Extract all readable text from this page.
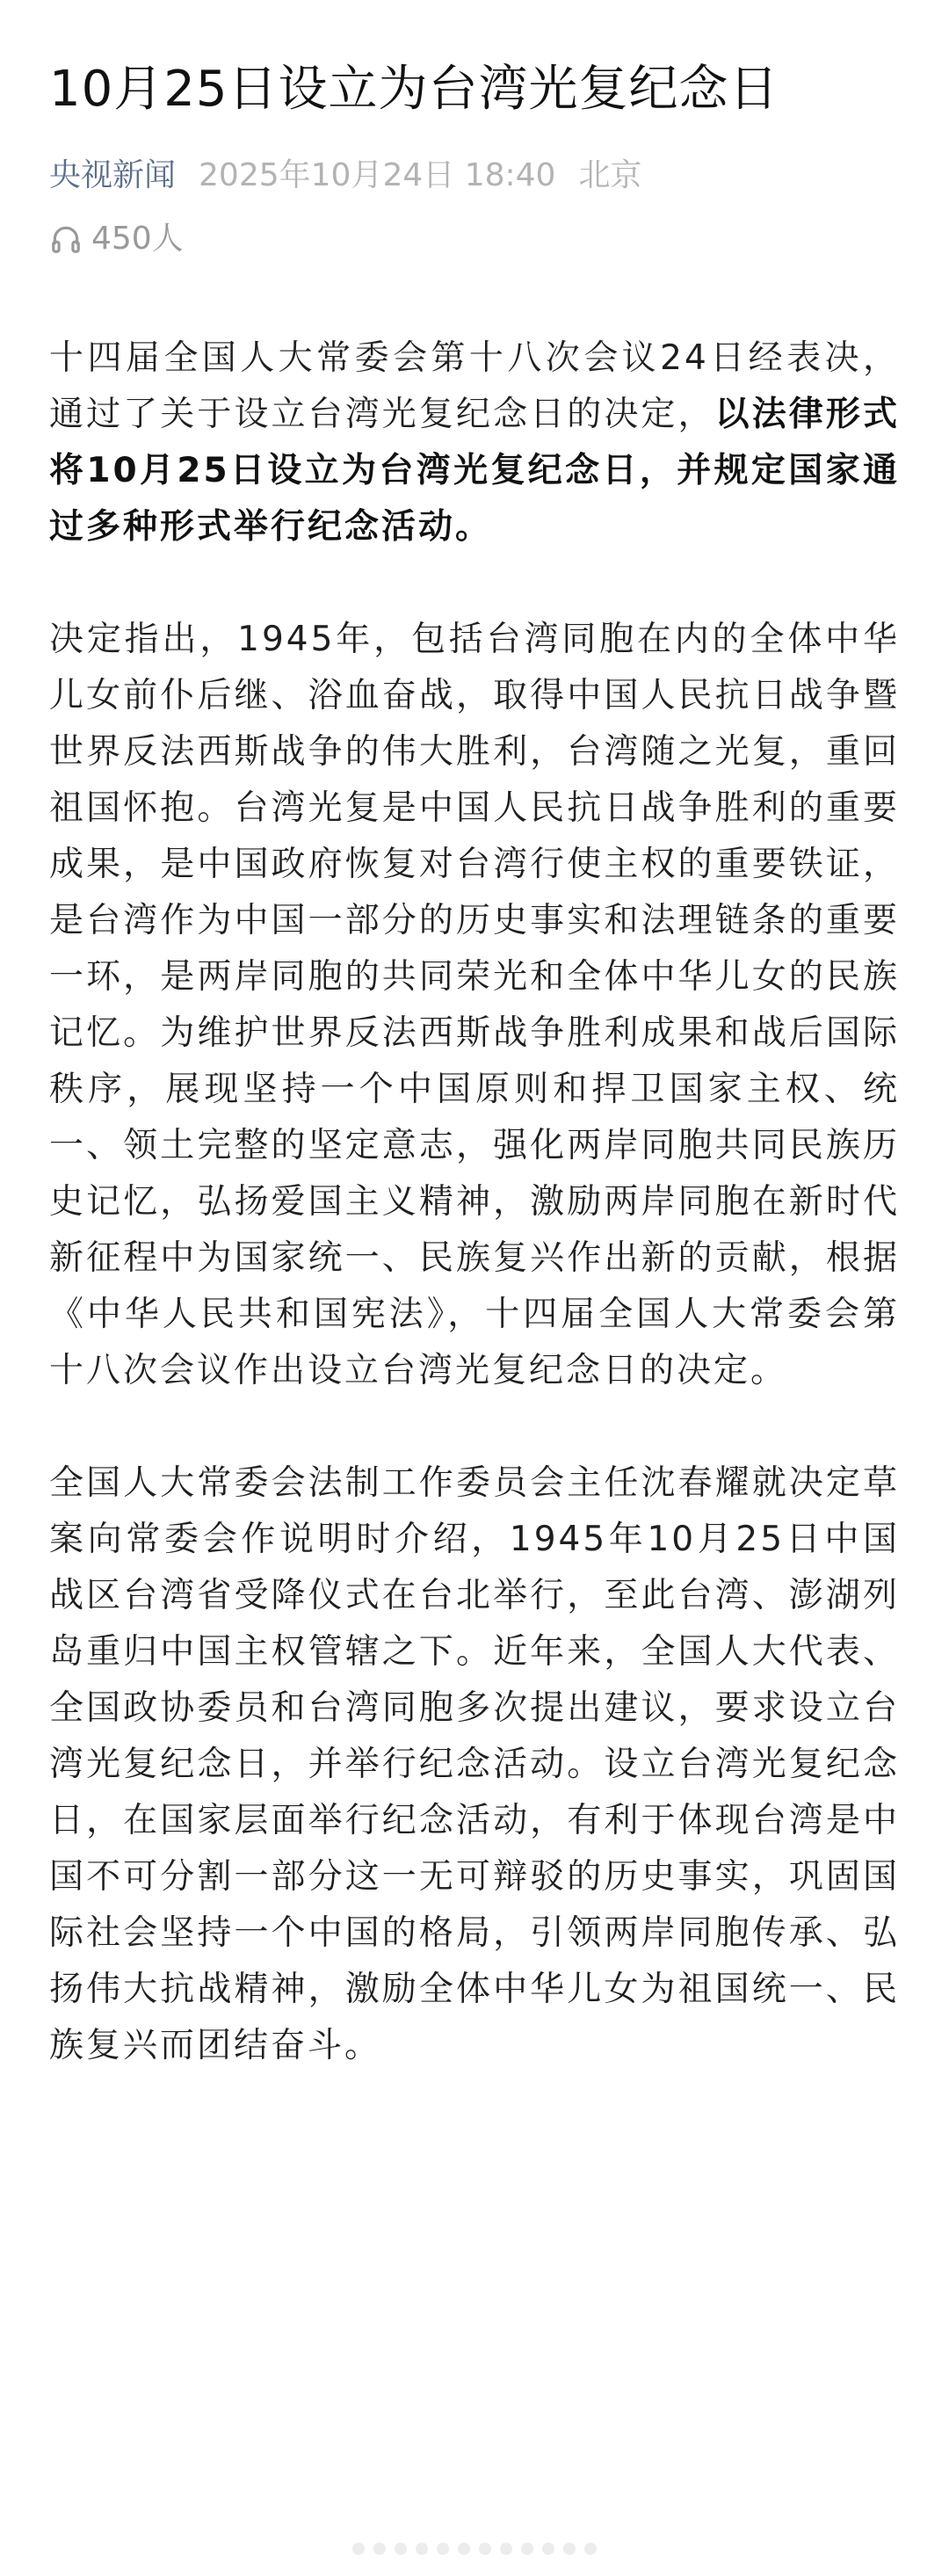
10月25日设立为台湾光复纪念日
央视新闻 2025年10月24日 18:40 北京
450人

十四届全国人大常委会第十八次会议24日经表决，通过了关于设立台湾光复纪念日的决定，以法律形式将10月25日设立为台湾光复纪念日，并规定国家通过多种形式举行纪念活动。

决定指出，1945年，包括台湾同胞在内的全体中华儿女前仆后继、浴血奋战，取得中国人民抗日战争暨世界反法西斯战争的伟大胜利，台湾随之光复，重回祖国怀抱。台湾光复是中国人民抗日战争胜利的重要成果，是中国政府恢复对台湾行使主权的重要铁证，是台湾作为中国一部分的历史事实和法理链条的重要一环，是两岸同胞的共同荣光和全体中华儿女的民族记忆。为维护世界反法西斯战争胜利成果和战后国际秩序，展现坚持一个中国原则和捍卫国家主权、统一、领土完整的坚定意志，强化两岸同胞共同民族历史记忆，弘扬爱国主义精神，激励两岸同胞在新时代新征程中为国家统一、民族复兴作出新的贡献，根据《中华人民共和国宪法》，十四届全国人大常委会第十八次会议作出设立台湾光复纪念日的决定。

全国人大常委会法制工作委员会主任沈春耀就决定草案向常委会作说明时介绍，1945年10月25日中国战区台湾省受降仪式在台北举行，至此台湾、澎湖列岛重归中国主权管辖之下。近年来，全国人大代表、全国政协委员和台湾同胞多次提出建议，要求设立台湾光复纪念日，并举行纪念活动。设立台湾光复纪念日，在国家层面举行纪念活动，有利于体现台湾是中国不可分割一部分这一无可辩驳的历史事实，巩固国际社会坚持一个中国的格局，引领两岸同胞传承、弘扬伟大抗战精神，激励全体中华儿女为祖国统一、民族复兴而团结奋斗。
